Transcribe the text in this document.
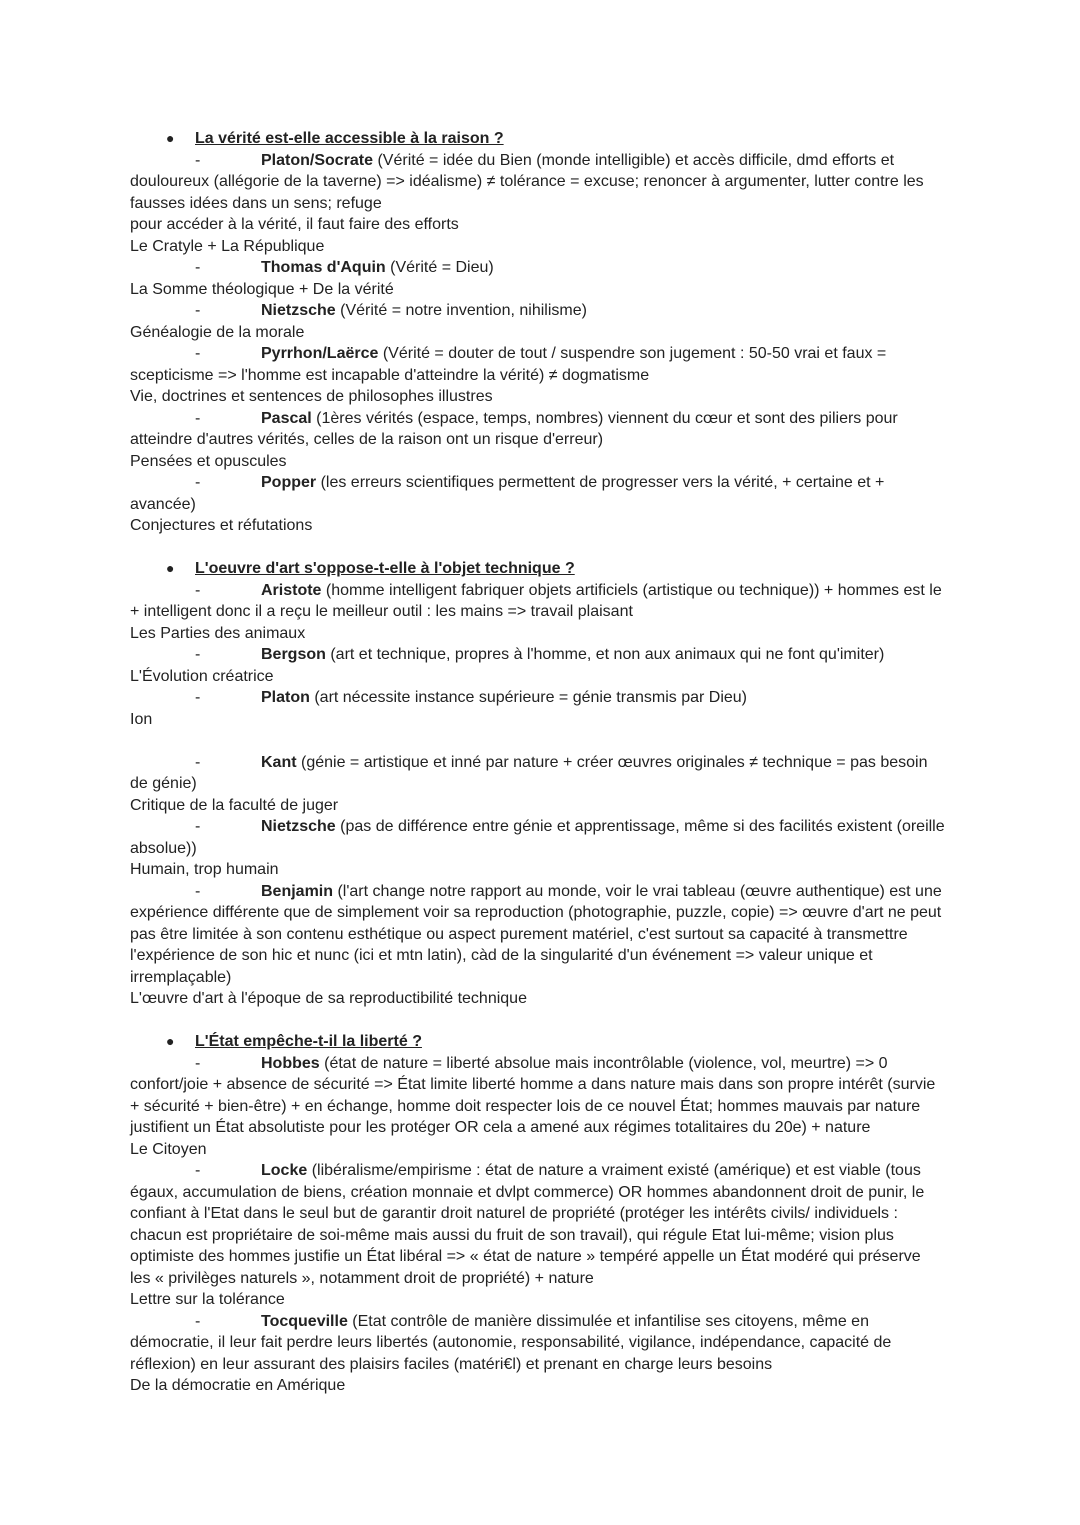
● La vérité est-elle accessible à la raison ?
-	Platon/Socrate (Vérité = idée du Bien (monde intelligible) et accès difficile, dmd efforts et douloureux (allégorie de la taverne) => idéalisme) ≠ tolérance = excuse; renoncer à argumenter, lutter contre les fausses idées dans un sens; refuge
pour accéder à la vérité, il faut faire des efforts
Le Cratyle + La République
-	Thomas d'Aquin (Vérité = Dieu)
La Somme théologique + De la vérité
-	Nietzsche (Vérité = notre invention, nihilisme)
Généalogie de la morale
-	Pyrrhon/Laërce (Vérité = douter de tout / suspendre son jugement : 50-50 vrai et faux = scepticisme => l'homme est incapable d'atteindre la vérité) ≠ dogmatisme
Vie, doctrines et sentences de philosophes illustres
-	Pascal (1ères vérités (espace, temps, nombres) viennent du cœur et sont des piliers pour atteindre d'autres vérités, celles de la raison ont un risque d'erreur)
Pensées et opuscules
-	Popper (les erreurs scientifiques permettent de progresser vers la vérité, + certaine et + avancée)
Conjectures et réfutations
● L'oeuvre d'art s'oppose-t-elle à l'objet technique ?
-	Aristote (homme intelligent fabriquer objets artificiels (artistique ou technique)) + hommes est le + intelligent donc il a reçu le meilleur outil : les mains => travail plaisant
Les Parties des animaux
-	Bergson (art et technique, propres à l'homme, et non aux animaux qui ne font qu'imiter)
L'Évolution créatrice
-	Platon (art nécessite instance supérieure = génie transmis par Dieu)
Ion
-	Kant (génie = artistique et inné par nature + créer œuvres originales ≠ technique = pas besoin de génie)
Critique de la faculté de juger
-	Nietzsche (pas de différence entre génie et apprentissage, même si des facilités existent (oreille absolue))
Humain, trop humain
-	Benjamin (l'art change notre rapport au monde, voir le vrai tableau (œuvre authentique) est une expérience différente que de simplement voir sa reproduction (photographie, puzzle, copie) => œuvre d'art ne peut pas être limitée à son contenu esthétique ou aspect purement matériel, c'est surtout sa capacité à transmettre l'expérience de son hic et nunc (ici et mtn latin), càd de la singularité d'un événement => valeur unique et irremplaçable)
L'œuvre d'art à l'époque de sa reproductibilité technique
● L'État empêche-t-il la liberté ?
-	Hobbes (état de nature = liberté absolue mais incontrôlable (violence, vol, meurtre) => 0 confort/joie + absence de sécurité => État limite liberté homme a dans nature mais dans son propre intérêt (survie + sécurité + bien-être) + en échange, homme doit respecter lois de ce nouvel État; hommes mauvais par nature justifient un État absolutiste pour les protéger OR cela a amené aux régimes totalitaires du 20e) + nature
Le Citoyen
-	Locke (libéralisme/empirisme : état de nature a vraiment existé (amérique) et est viable (tous égaux, accumulation de biens, création monnaie et dvlpt commerce) OR hommes abandonnent droit de punir, le confiant à l'Etat dans le seul but de garantir droit naturel de propriété (protéger les intérêts civils/ individuels : chacun est propriétaire de soi-même mais aussi du fruit de son travail), qui régule Etat lui-même; vision plus optimiste des hommes justifie un État libéral => « état de nature » tempéré appelle un État modéré qui préserve les « privilèges naturels », notamment droit de propriété) + nature
Lettre sur la tolérance
-	Tocqueville (Etat contrôle de manière dissimulée et infantilise ses citoyens, même en démocratie, il leur fait perdre leurs libertés (autonomie, responsabilité, vigilance, indépendance, capacité de réflexion) en leur assurant des plaisirs faciles (matéri€l) et prenant en charge leurs besoins
De la démocratie en Amérique
